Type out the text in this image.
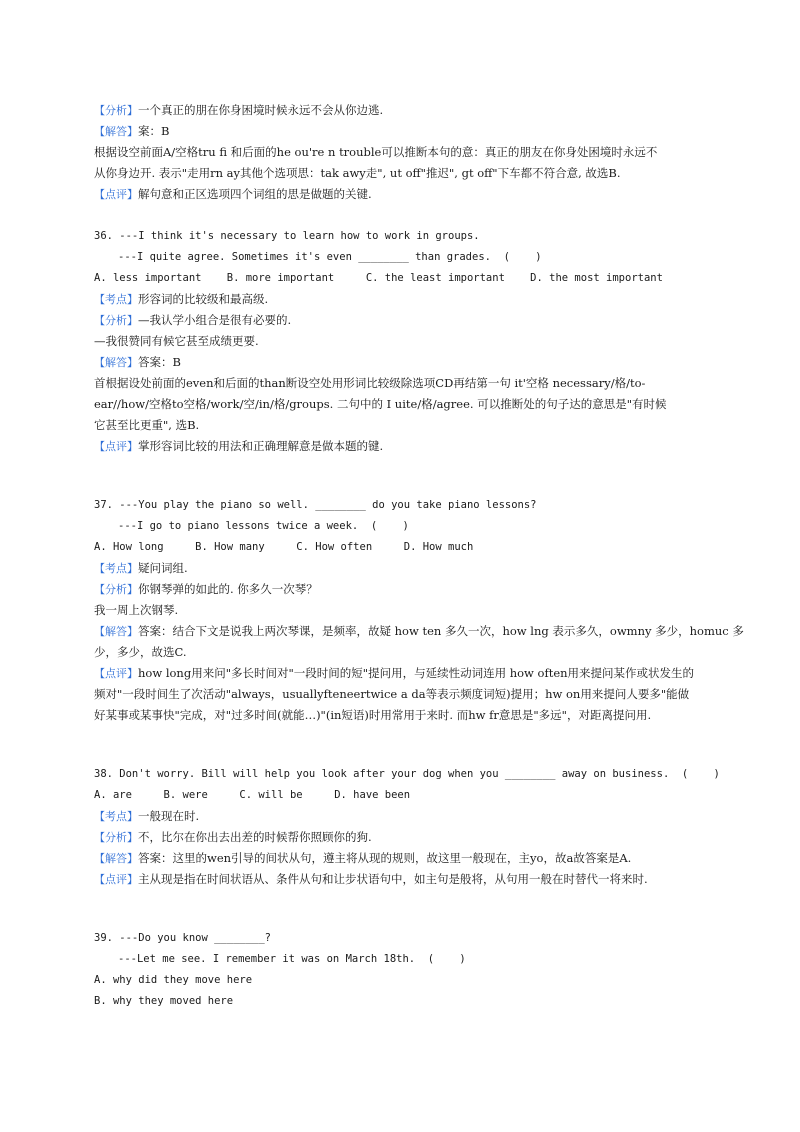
【分析】一个真正的朋在你身困境时候永远不会从你边逃.
【解答】案：B
根据设空前面A/空格tru fi 和后面的he ou're n trouble可以推断本句的意：真正的朋友在你身处困境时永远不
从你身边开. 表示"走用rn ay其他个选项思：tak awy走", ut off"推迟", gt off"下车都不符合意, 故选B.
【点评】解句意和正区选项四个词组的思是做题的关键.
36. ---I think it's necessary to learn how to work in groups.
---I quite agree. Sometimes it's even ________ than grades.  (    )
A. less important    B. more important     C. the least important    D. the most important
【考点】形容词的比较级和最高级.
【分析】—我认学小组合是很有必要的.
—我很赞同有候它甚至成绩更要.
【解答】答案：B
首根据设处前面的even和后面的than断设空处用形词比较级除选项CD再结第一句 it'空格 necessary/格/to-
ear//how/空格to空格/work/空/in/格/groups. 二句中的 I uite/格/agree. 可以推断处的句子达的意思是"有时候
它甚至比更重", 选B.
【点评】掌形容词比较的用法和正确理解意是做本题的键.
37. ---You play the piano so well. ________ do you take piano lessons?
---I go to piano lessons twice a week.  (    )
A. How long     B. How many     C. How often     D. How much
【考点】疑问词组.
【分析】你钢琴弹的如此的. 你多久一次琴？
我一周上次钢琴.
【解答】答案：结合下文是说我上两次琴课，是频率，故疑 how ten 多久一次，how lng 表示多久，owmny 多少，homuc 多
少，多少，故选C.
【点评】how long用来问"多长时间对"一段时间的短"提问用，与延续性动词连用 how often用来提问某作或状发生的
频对"一段时间生了次活动"always，usuallyfteneertwice a da等表示频度词短)提用；hw on用来提问人要多"能做
好某事或某事快"完成，对"过多时间(就能…)"(in短语)时用常用于来时. 而hw fr意思是"多远"，对距离提问用.
38. Don't worry. Bill will help you look after your dog when you ________ away on business.  (    )
A. are     B. were     C. will be     D. have been
【考点】一般现在时.
【分析】不，比尔在你出去出差的时候帮你照顾你的狗.
【解答】答案：这里的wen引导的间状从句，遵主将从现的规则，故这里一般现在，主yo，故a故答案是A.
【点评】主从现是指在时间状语从、条件从句和让步状语句中，如主句是般将，从句用一般在时替代一将来时.
39. ---Do you know ________?
---Let me see. I remember it was on March 18th.  (    )
A. why did they move here
B. why they moved here
